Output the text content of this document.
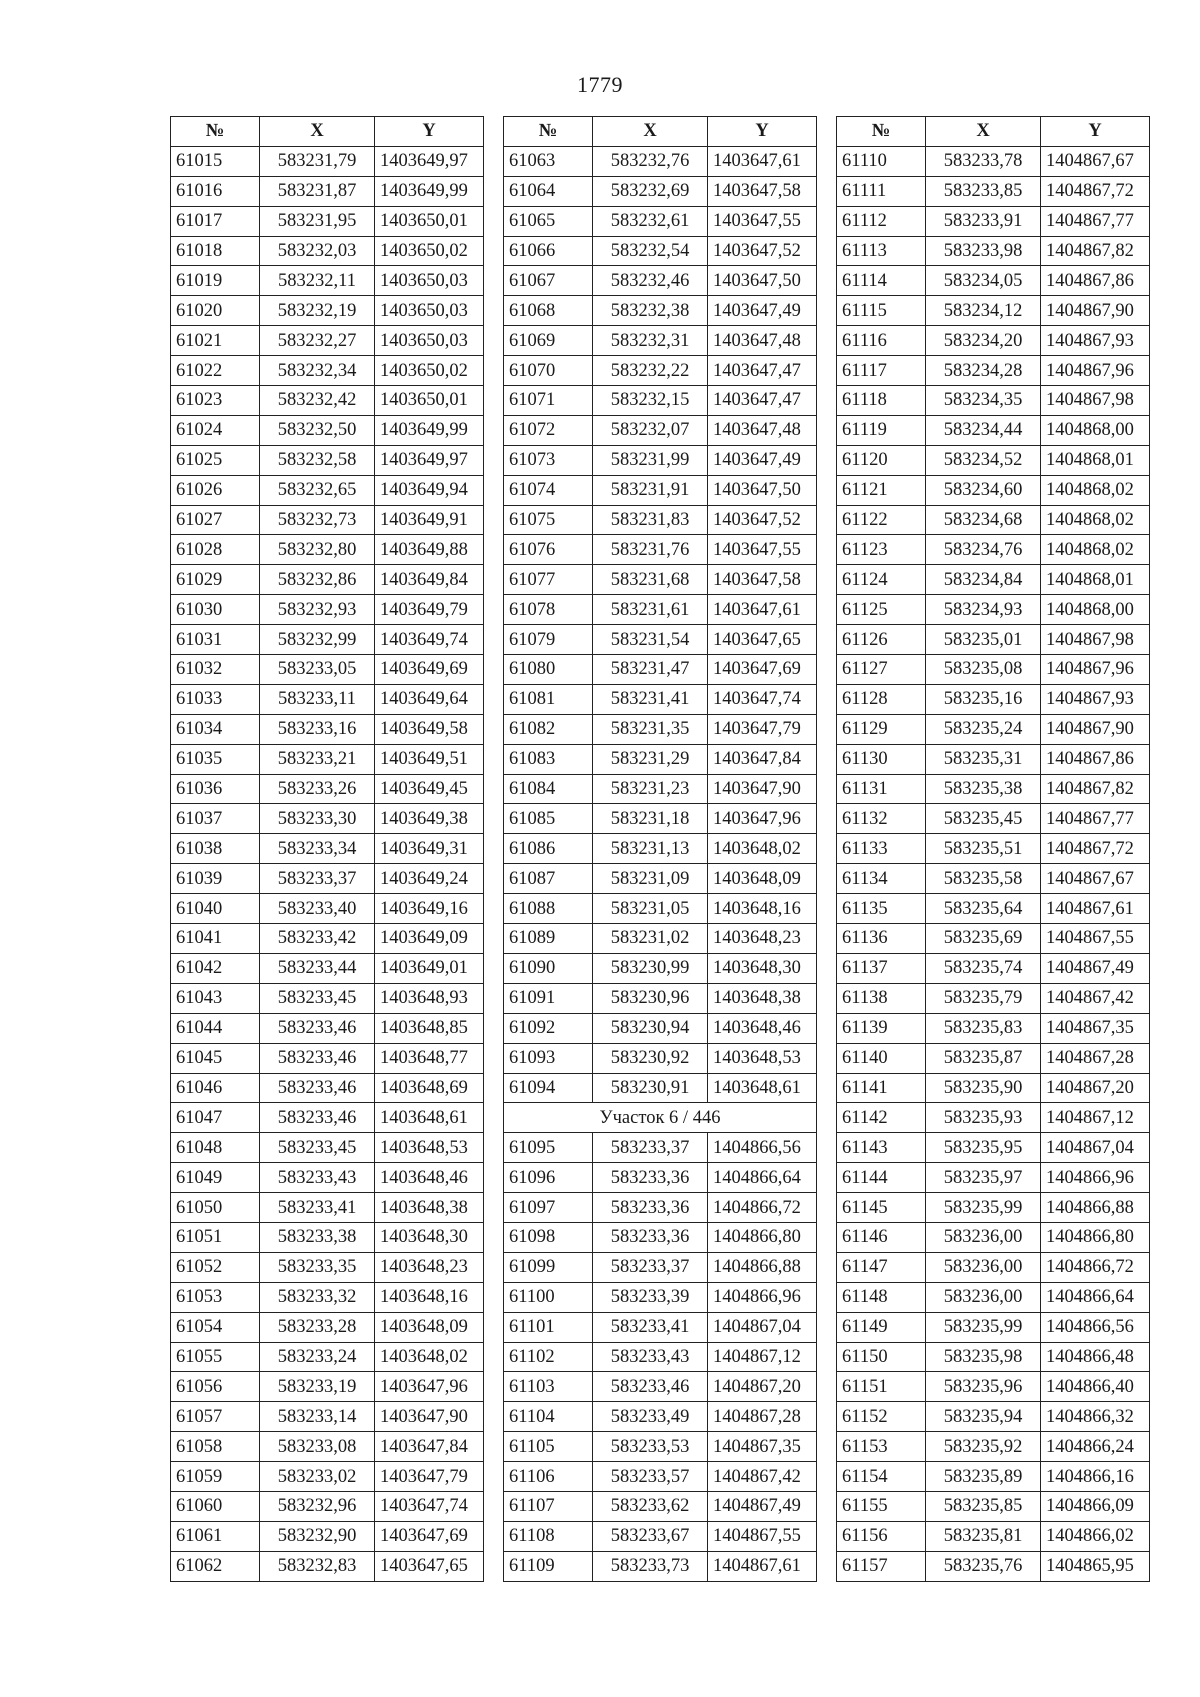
1779
№	X	Y
61015	583231,79	1403649,97
61016	583231,87	1403649,99
61017	583231,95	1403650,01
61018	583232,03	1403650,02
61019	583232,11	1403650,03
61020	583232,19	1403650,03
61021	583232,27	1403650,03
61022	583232,34	1403650,02
61023	583232,42	1403650,01
61024	583232,50	1403649,99
61025	583232,58	1403649,97
61026	583232,65	1403649,94
61027	583232,73	1403649,91
61028	583232,80	1403649,88
61029	583232,86	1403649,84
61030	583232,93	1403649,79
61031	583232,99	1403649,74
61032	583233,05	1403649,69
61033	583233,11	1403649,64
61034	583233,16	1403649,58
61035	583233,21	1403649,51
61036	583233,26	1403649,45
61037	583233,30	1403649,38
61038	583233,34	1403649,31
61039	583233,37	1403649,24
61040	583233,40	1403649,16
61041	583233,42	1403649,09
61042	583233,44	1403649,01
61043	583233,45	1403648,93
61044	583233,46	1403648,85
61045	583233,46	1403648,77
61046	583233,46	1403648,69
61047	583233,46	1403648,61
61048	583233,45	1403648,53
61049	583233,43	1403648,46
61050	583233,41	1403648,38
61051	583233,38	1403648,30
61052	583233,35	1403648,23
61053	583233,32	1403648,16
61054	583233,28	1403648,09
61055	583233,24	1403648,02
61056	583233,19	1403647,96
61057	583233,14	1403647,90
61058	583233,08	1403647,84
61059	583233,02	1403647,79
61060	583232,96	1403647,74
61061	583232,90	1403647,69
61062	583232,83	1403647,65
№	X	Y
61063	583232,76	1403647,61
61064	583232,69	1403647,58
61065	583232,61	1403647,55
61066	583232,54	1403647,52
61067	583232,46	1403647,50
61068	583232,38	1403647,49
61069	583232,31	1403647,48
61070	583232,22	1403647,47
61071	583232,15	1403647,47
61072	583232,07	1403647,48
61073	583231,99	1403647,49
61074	583231,91	1403647,50
61075	583231,83	1403647,52
61076	583231,76	1403647,55
61077	583231,68	1403647,58
61078	583231,61	1403647,61
61079	583231,54	1403647,65
61080	583231,47	1403647,69
61081	583231,41	1403647,74
61082	583231,35	1403647,79
61083	583231,29	1403647,84
61084	583231,23	1403647,90
61085	583231,18	1403647,96
61086	583231,13	1403648,02
61087	583231,09	1403648,09
61088	583231,05	1403648,16
61089	583231,02	1403648,23
61090	583230,99	1403648,30
61091	583230,96	1403648,38
61092	583230,94	1403648,46
61093	583230,92	1403648,53
61094	583230,91	1403648,61
Участок 6 / 446		
61095	583233,37	1404866,56
61096	583233,36	1404866,64
61097	583233,36	1404866,72
61098	583233,36	1404866,80
61099	583233,37	1404866,88
61100	583233,39	1404866,96
61101	583233,41	1404867,04
61102	583233,43	1404867,12
61103	583233,46	1404867,20
61104	583233,49	1404867,28
61105	583233,53	1404867,35
61106	583233,57	1404867,42
61107	583233,62	1404867,49
61108	583233,67	1404867,55
61109	583233,73	1404867,61
№	X	Y
61110	583233,78	1404867,67
61111	583233,85	1404867,72
61112	583233,91	1404867,77
61113	583233,98	1404867,82
61114	583234,05	1404867,86
61115	583234,12	1404867,90
61116	583234,20	1404867,93
61117	583234,28	1404867,96
61118	583234,35	1404867,98
61119	583234,44	1404868,00
61120	583234,52	1404868,01
61121	583234,60	1404868,02
61122	583234,68	1404868,02
61123	583234,76	1404868,02
61124	583234,84	1404868,01
61125	583234,93	1404868,00
61126	583235,01	1404867,98
61127	583235,08	1404867,96
61128	583235,16	1404867,93
61129	583235,24	1404867,90
61130	583235,31	1404867,86
61131	583235,38	1404867,82
61132	583235,45	1404867,77
61133	583235,51	1404867,72
61134	583235,58	1404867,67
61135	583235,64	1404867,61
61136	583235,69	1404867,55
61137	583235,74	1404867,49
61138	583235,79	1404867,42
61139	583235,83	1404867,35
61140	583235,87	1404867,28
61141	583235,90	1404867,20
61142	583235,93	1404867,12
61143	583235,95	1404867,04
61144	583235,97	1404866,96
61145	583235,99	1404866,88
61146	583236,00	1404866,80
61147	583236,00	1404866,72
61148	583236,00	1404866,64
61149	583235,99	1404866,56
61150	583235,98	1404866,48
61151	583235,96	1404866,40
61152	583235,94	1404866,32
61153	583235,92	1404866,24
61154	583235,89	1404866,16
61155	583235,85	1404866,09
61156	583235,81	1404866,02
61157	583235,76	1404865,95
